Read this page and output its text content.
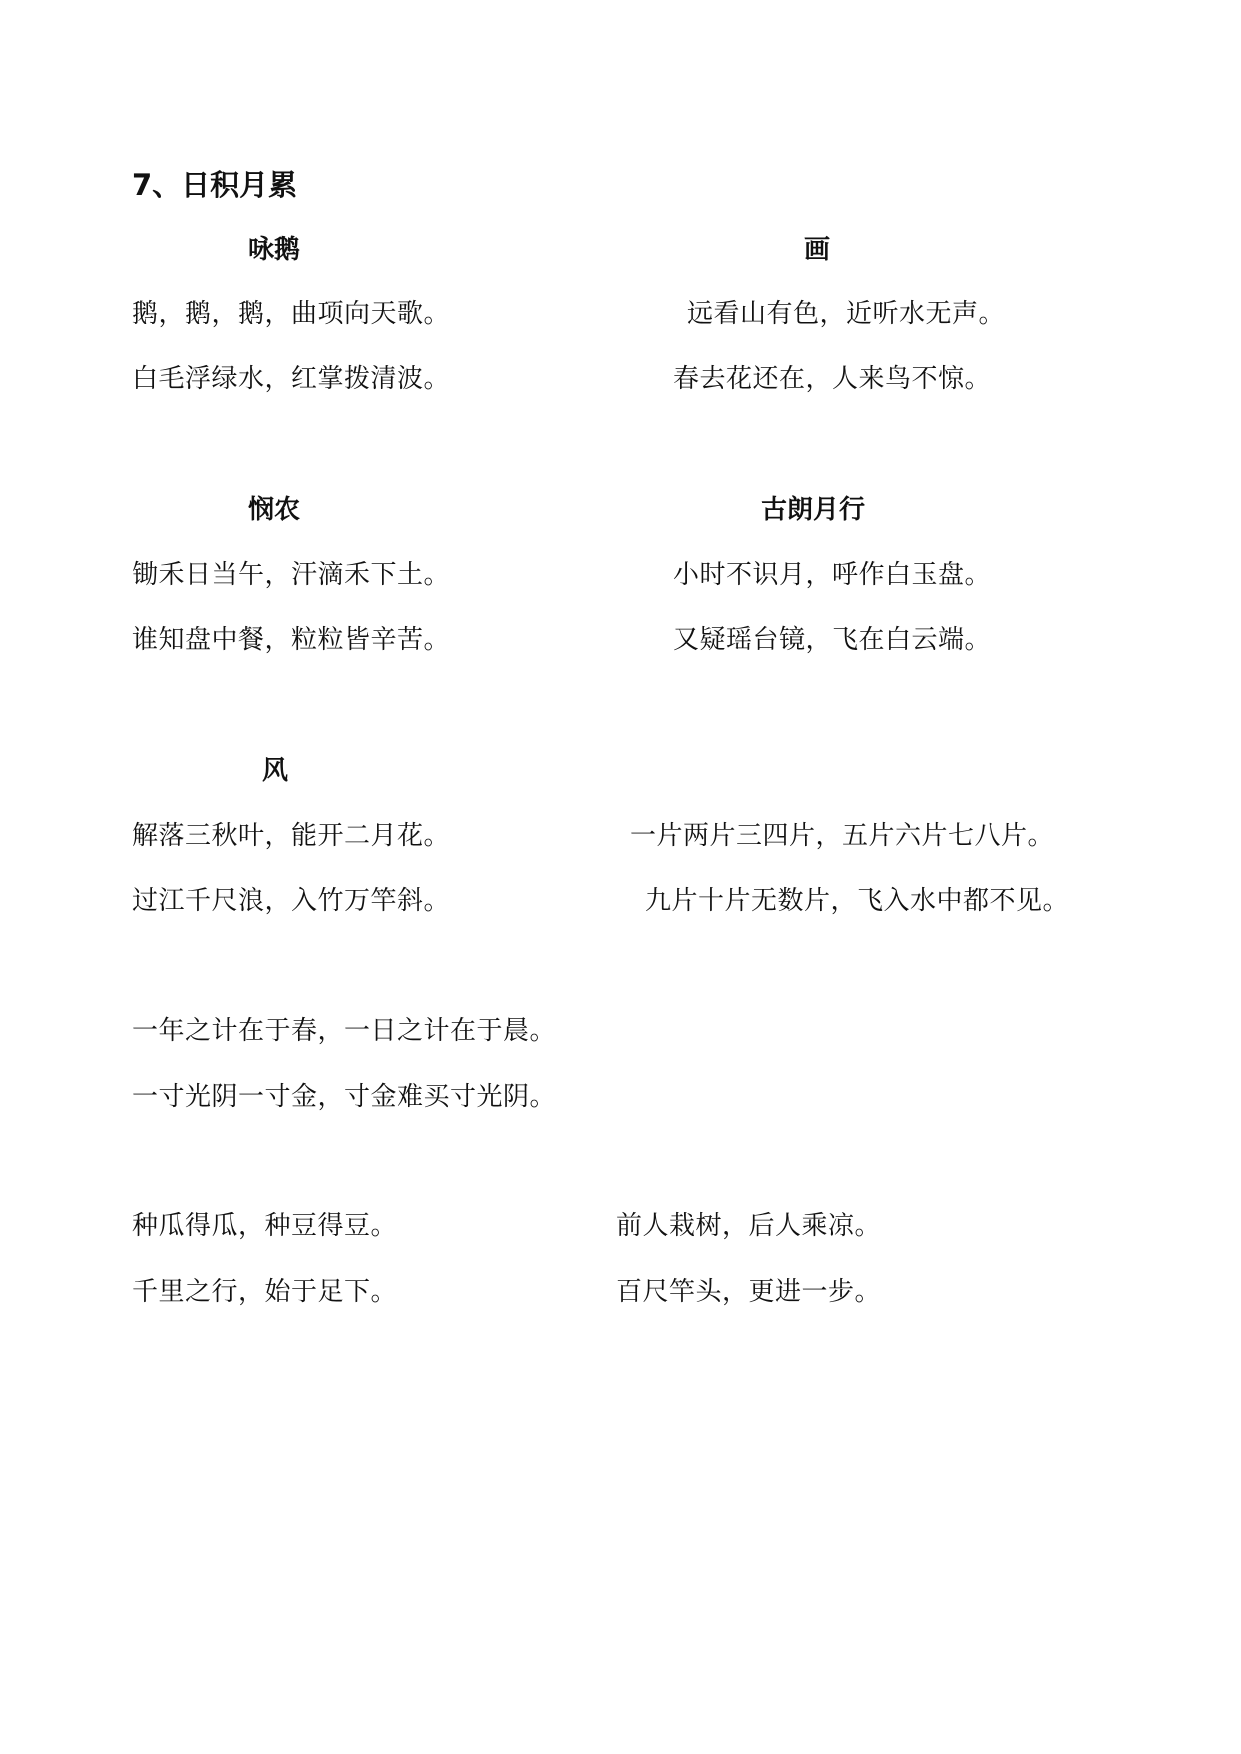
7、日积月累
咏鹅
鹅，鹅，鹅，曲项向天歌。
白毛浮绿水，红掌拨清波。
画
远看山有色，近听水无声。
春去花还在，人来鸟不惊。
悯农
锄禾日当午，汗滴禾下土。
谁知盘中餐，粒粒皆辛苦。
古朗月行
小时不识月，呼作白玉盘。
又疑瑶台镜，飞在白云端。
风
解落三秋叶，能开二月花。
过江千尺浪，入竹万竿斜。
一片两片三四片，五片六片七八片。
九片十片无数片，飞入水中都不见。
一年之计在于春，一日之计在于晨。
一寸光阴一寸金，寸金难买寸光阴。
种瓜得瓜，种豆得豆。
千里之行，始于足下。
前人栽树，后人乘凉。
百尺竿头，更进一步。
